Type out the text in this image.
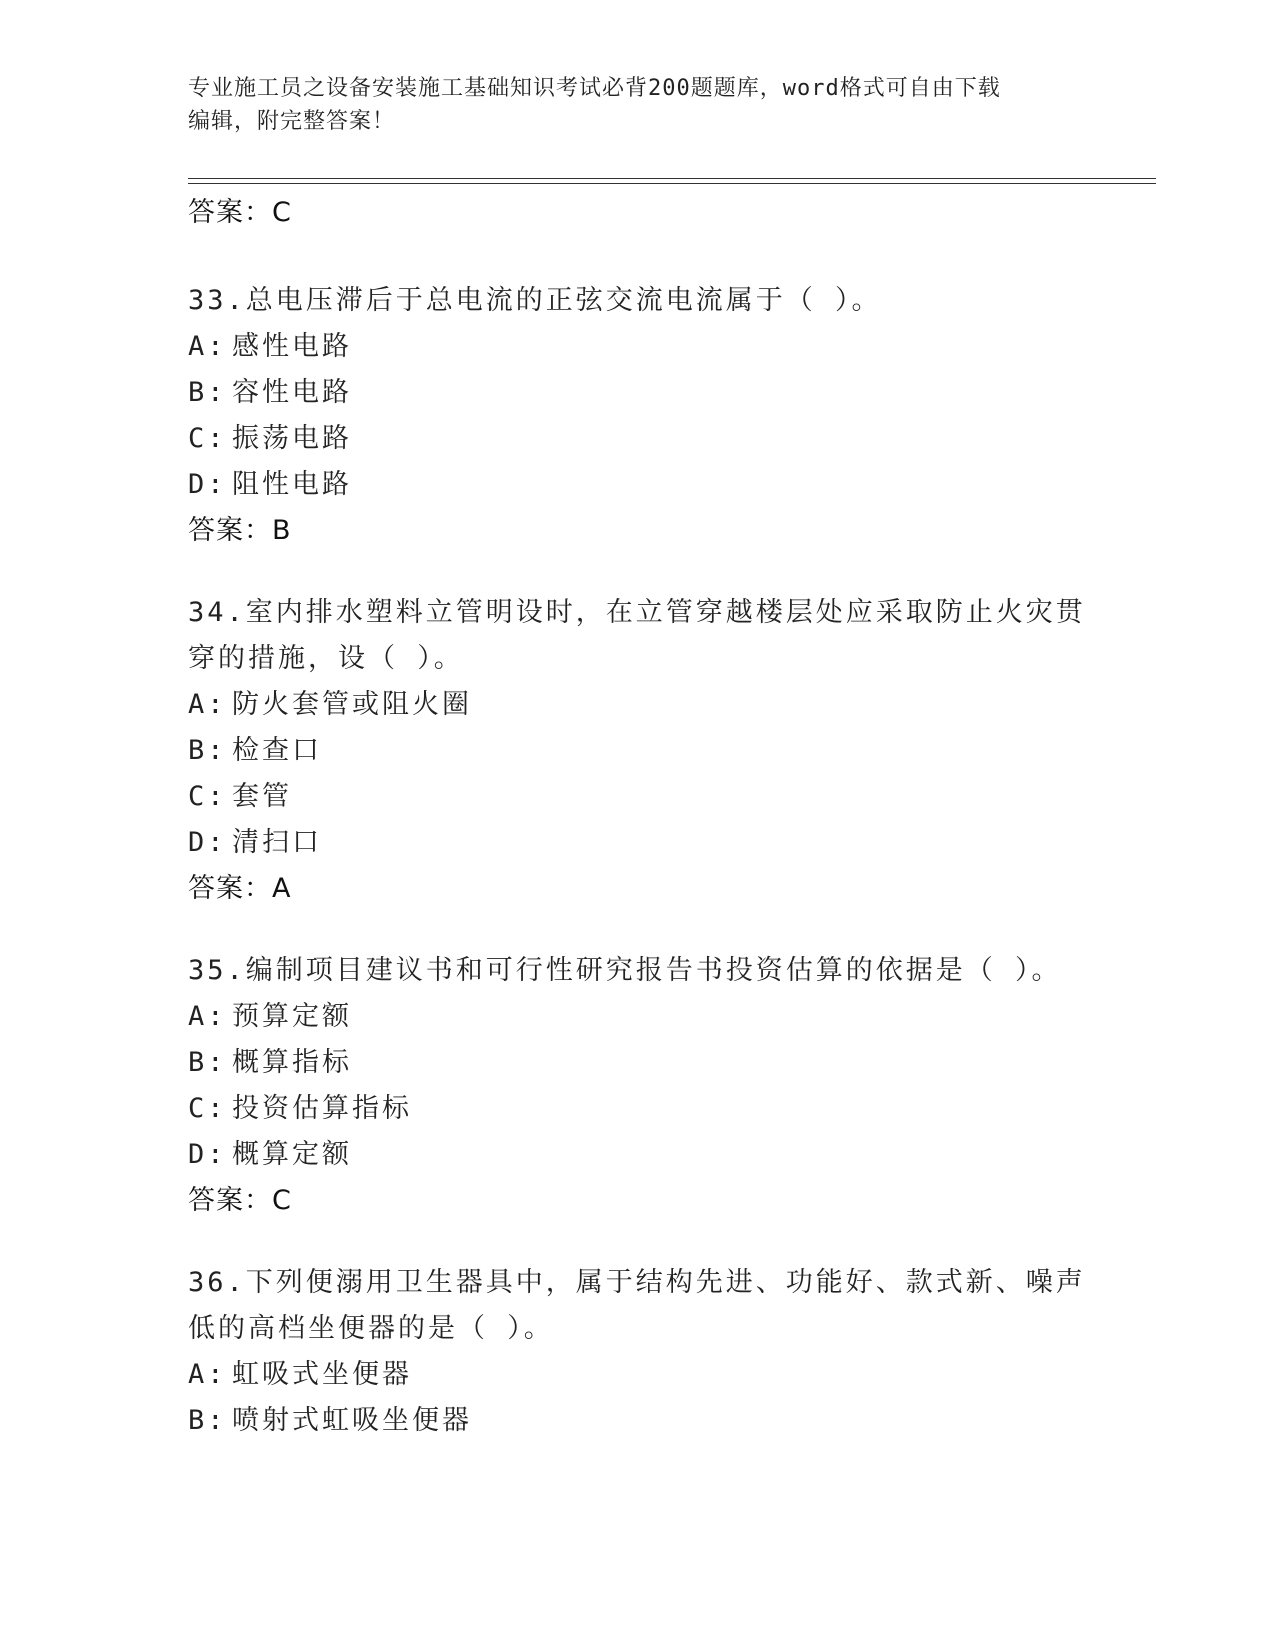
专业施工员之设备安装施工基础知识考试必背200题题库，word格式可自由下载
编辑，附完整答案！
答案：C
33.总电压滞后于总电流的正弦交流电流属于（ ）。
A: 感性电路
B: 容性电路
C: 振荡电路
D: 阻性电路
答案：B
34.室内排水塑料立管明设时，在立管穿越楼层处应采取防止火灾贯穿的措施，设（ ）。
A: 防火套管或阻火圈
B: 检查口
C: 套管
D: 清扫口
答案：A
35.编制项目建议书和可行性研究报告书投资估算的依据是（ ）。
A: 预算定额
B: 概算指标
C: 投资估算指标
D: 概算定额
答案：C
36.下列便溺用卫生器具中，属于结构先进、功能好、款式新、噪声低的高档坐便器的是（ ）。
A: 虹吸式坐便器
B: 喷射式虹吸坐便器
